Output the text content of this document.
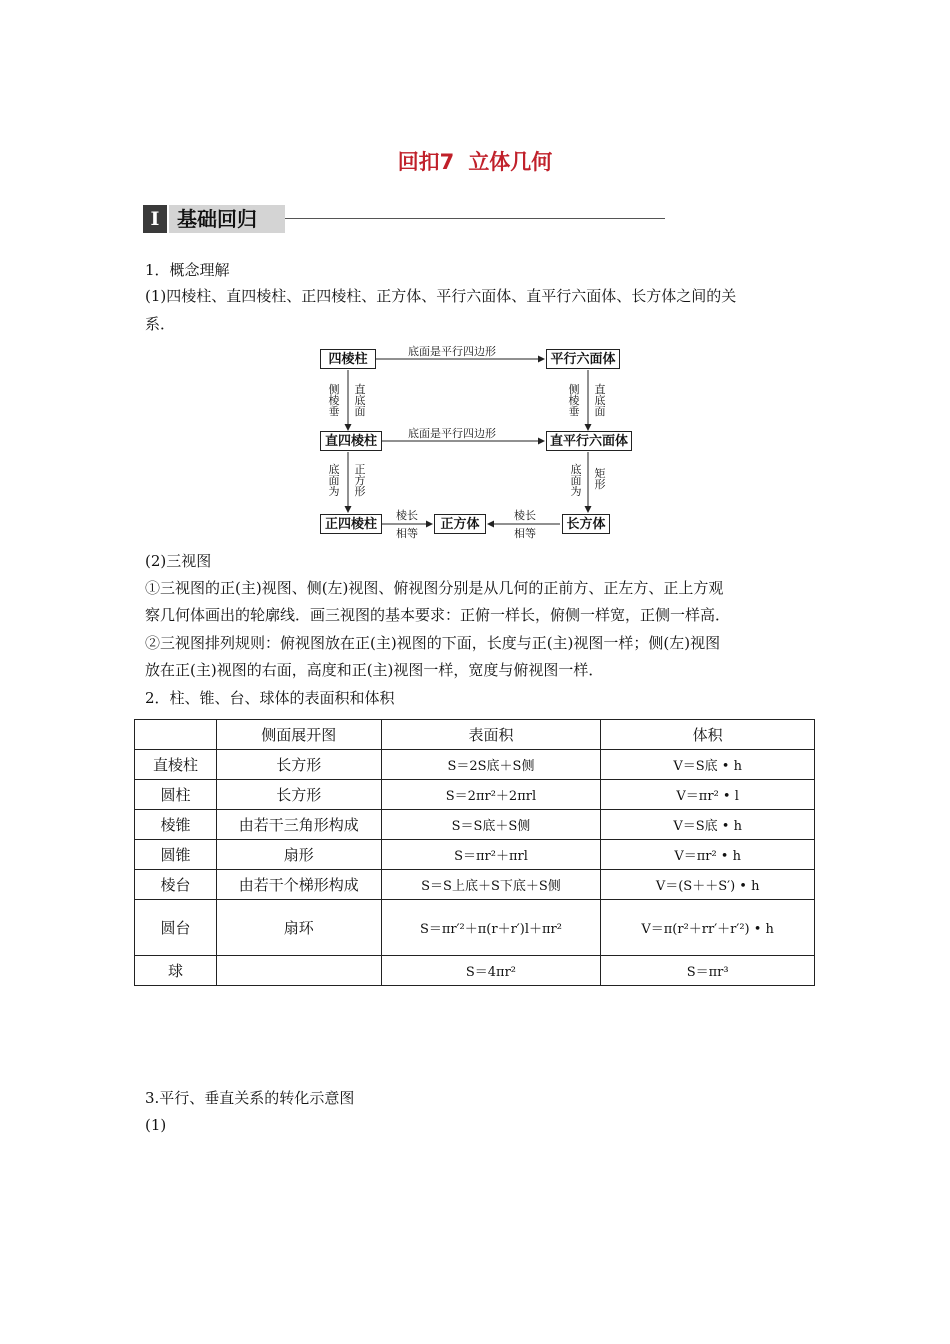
回扣7 立体几何
I 基础回归
1．概念理解
(1)四棱柱、直四棱柱、正四棱柱、正方体、平行六面体、直平行六面体、长方体之间的关
系．
四棱柱	平行六面体
直四棱柱	直平行六面体
正四棱柱	正方体	长方体
底面是平行四边形
底面是平行四边形
侧棱垂
直底面
侧棱垂
直底面
底面为
正方形
底面为
矩形
棱长
相等
棱长
相等
(2)三视图
①三视图的正(主)视图、侧(左)视图、俯视图分别是从几何的正前方、正左方、正上方观
察几何体画出的轮廓线．画三视图的基本要求：正俯一样长，俯侧一样宽，正侧一样高．
②三视图排列规则：俯视图放在正(主)视图的下面，长度与正(主)视图一样；侧(左)视图
放在正(主)视图的右面，高度和正(主)视图一样，宽度与俯视图一样．
2．柱、锥、台、球体的表面积和体积
	侧面展开图	表面积	体积
直棱柱	长方形	S＝2S底＋S侧	V＝S底 • h
圆柱	长方形	S＝2πr²＋2πrl	V＝πr² • l
棱锥	由若干三角形构成	S＝S底＋S侧	V＝S底 • h
圆锥	扇形	S＝πr²＋πrl	V＝πr² • h
棱台	由若干个梯形构成	S＝S上底＋S下底＋S侧	V＝(S＋＋S′) • h
圆台	扇环	S＝πr′²＋π(r＋r′)l＋πr²	V＝π(r²＋rr′＋r′²) • h
球		S＝4πr²	S＝πr³
3.平行、垂直关系的转化示意图
(1)
